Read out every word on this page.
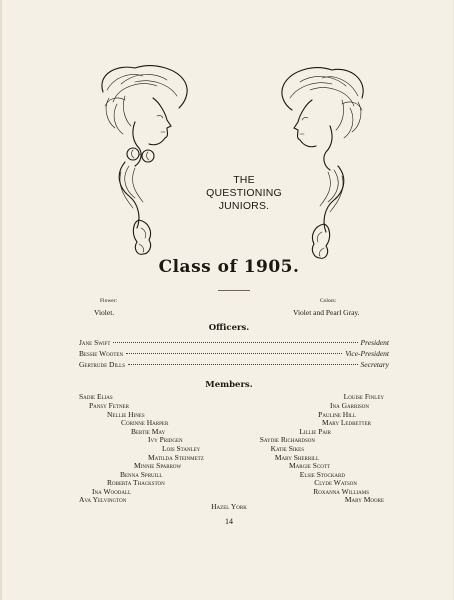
THE
QUESTIONING
JUNIORS.
Class of 1905.
Flower:
Violet.
Colors:
Violet and Pearl Gray.
Officers.
Jane Swift	President
Bessie Wooten	Vice-President
Gertrude Dills	Secretary
Members.
Sadie Elias
Pansy Fetner
Nellie Hines
Corinne Harper
Bertie May
Ivy Pridgen
Lois Stanley
Matilda Steinmetz
Minnie Sparrow
Benna Spruill
Roberta Thackston
Ina Woodall
Ava Yelvington
Louise Finley
Ina Garrison
Pauline Hill
Mary Ledbetter
Lillie Pair
Saydie Richardson
Katie Sikes
Mary Sherrill
Margie Scott
Elsie Stockard
Clyde Watson
Roxanna Williams
Mary Moore
Hazel York
14
